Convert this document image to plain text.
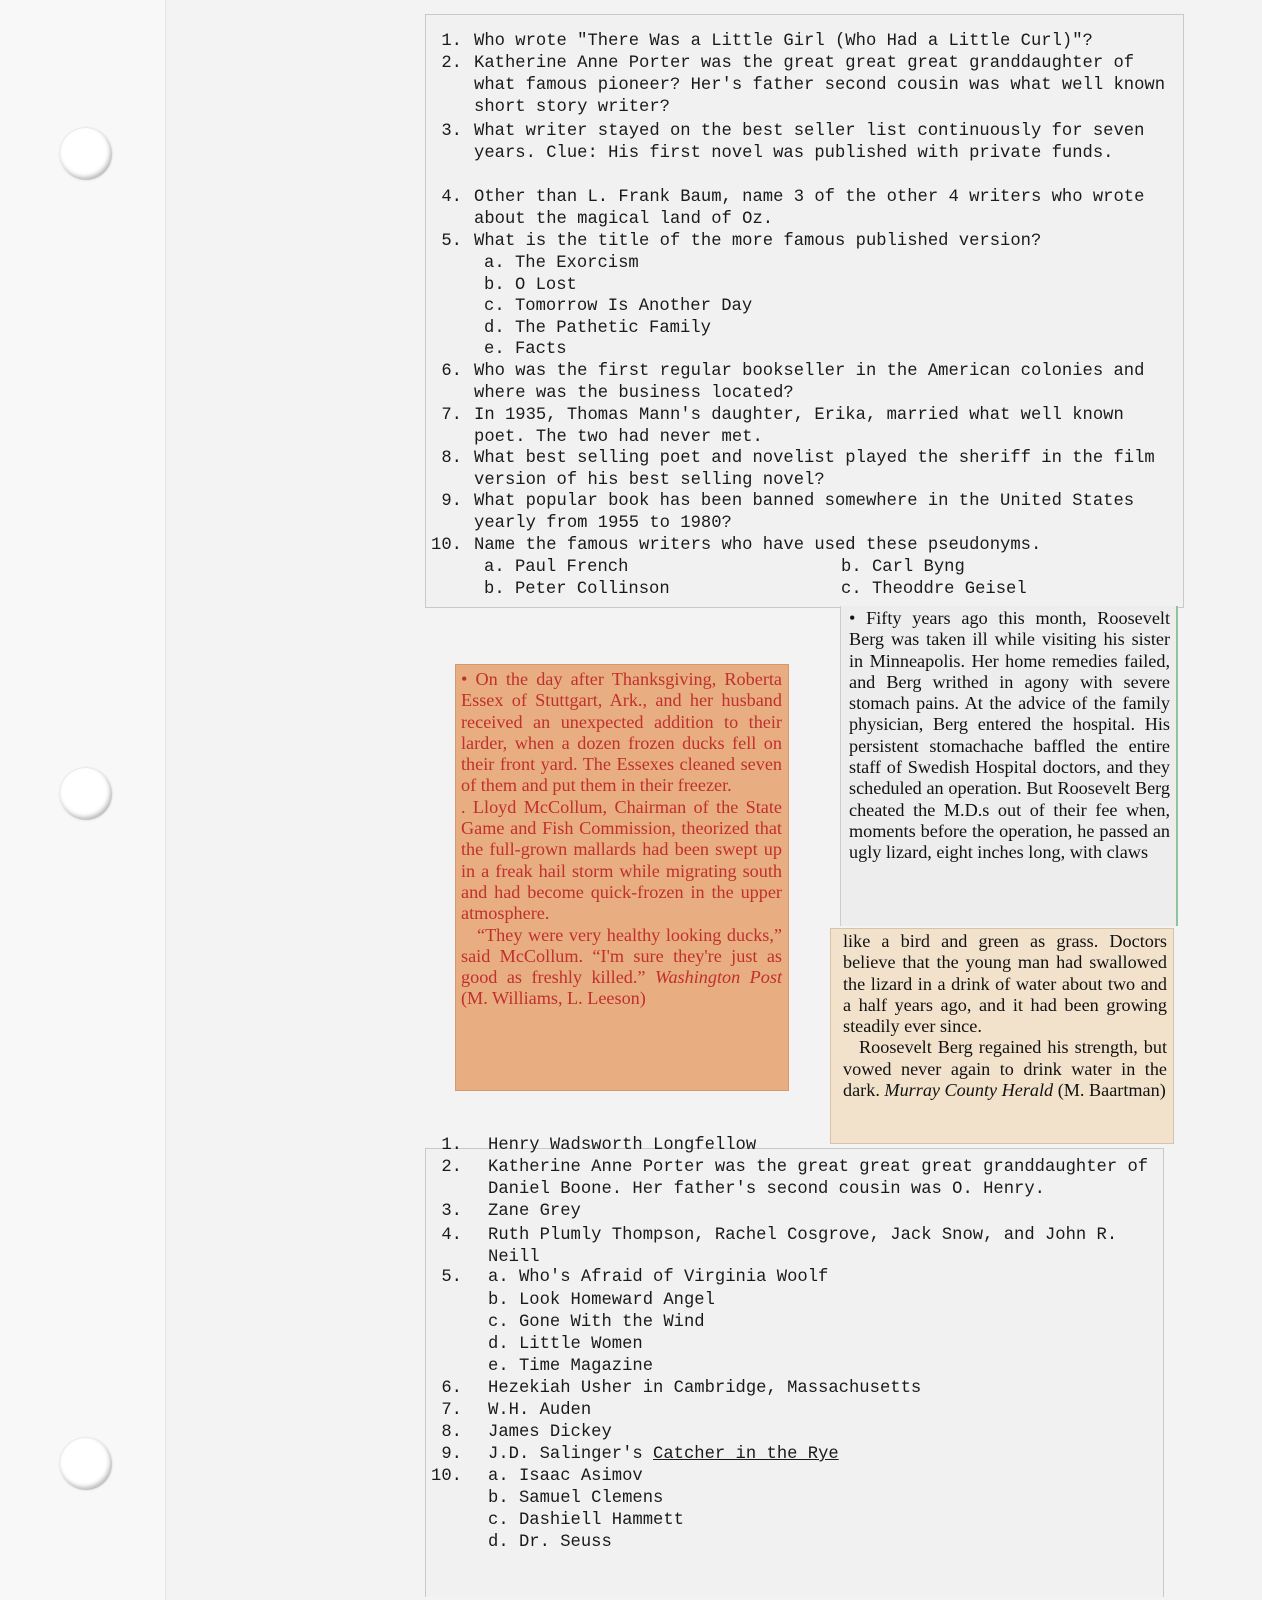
1. Who wrote "There Was a Little Girl (Who Had a Little Curl)"?
2. Katherine Anne Porter was the great great great granddaughter of what famous pioneer? Her's father second cousin was what well known short story writer?
3. What writer stayed on the best seller list continuously for seven years. Clue: His first novel was published with private funds.
4. Other than L. Frank Baum, name 3 of the other 4 writers who wrote about the magical land of Oz.
5. What is the title of the more famous published version?
a. The Exorcism
b. O Lost
c. Tomorrow Is Another Day
d. The Pathetic Family
e. Facts
6. Who was the first regular bookseller in the American colonies and where was the business located?
7. In 1935, Thomas Mann's daughter, Erika, married what well known poet. The two had never met.
8. What best selling poet and novelist played the sheriff in the film version of his best selling novel?
9. What popular book has been banned somewhere in the United States yearly from 1955 to 1980?
10. Name the famous writers who have used these pseudonyms.
a. Paul French	b. Carl Byng
b. Peter Collinson	c. Theoddre Geisel

• On the day after Thanksgiving, Roberta Essex of Stuttgart, Ark., and her husband received an unexpected addition to their larder, when a dozen frozen ducks fell on their front yard. The Essexes cleaned seven of them and put them in their freezer.

. Lloyd McCollum, Chairman of the State Game and Fish Commission, theorized that the full-grown mallards had been swept up in a freak hail storm while migrating south and had become quick-frozen in the upper atmosphere.

“They were very healthy looking ducks,” said McCollum. “I'm sure they're just as good as freshly killed.” Washington Post (M. Williams, L. Leeson)

• Fifty years ago this month, Roosevelt Berg was taken ill while visiting his sister in Minneapolis. Her home remedies failed, and Berg writhed in agony with severe stomach pains. At the advice of the family physician, Berg entered the hospital. His persistent stomachache baffled the entire staff of Swedish Hospital doctors, and they scheduled an operation. But Roosevelt Berg cheated the M.D.s out of their fee when, moments before the operation, he passed an ugly lizard, eight inches long, with claws

like a bird and green as grass. Doctors believe that the young man had swallowed the lizard in a drink of water about two and a half years ago, and it had been growing steadily ever since.

Roosevelt Berg regained his strength, but vowed never again to drink water in the dark. Murray County Herald (M. Baartman)

1. Henry Wadsworth Longfellow
2. Katherine Anne Porter was the great great great granddaughter of Daniel Boone. Her father's second cousin was O. Henry.
3. Zane Grey
4. Ruth Plumly Thompson, Rachel Cosgrove, Jack Snow, and John R. Neill
5. a. Who's Afraid of Virginia Woolf
b. Look Homeward Angel
c. Gone With the Wind
d. Little Women
e. Time Magazine
6. Hezekiah Usher in Cambridge, Massachusetts
7. W.H. Auden
8. James Dickey
9. J.D. Salinger's Catcher in the Rye
10. a. Isaac Asimov
b. Samuel Clemens
c. Dashiell Hammett
d. Dr. Seuss
